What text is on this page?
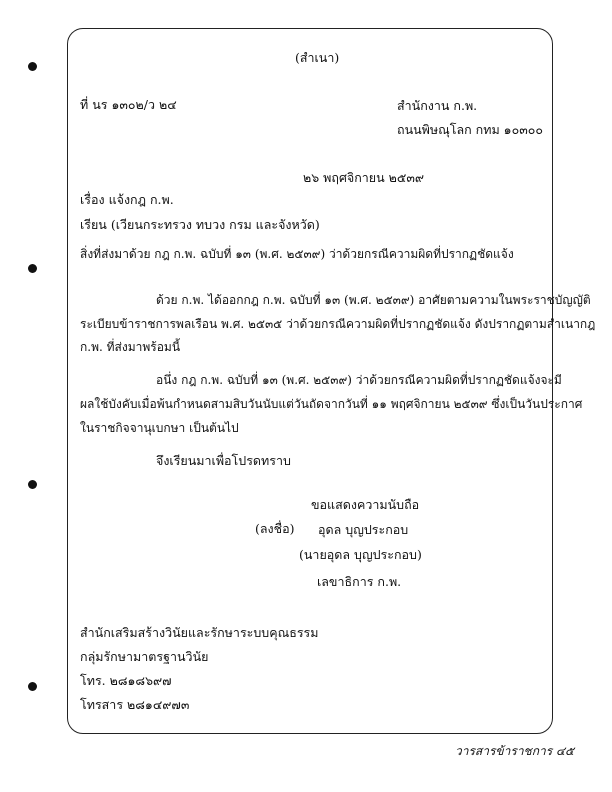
(สำเนา)
ที่ นร ๑๓๐๒/ว ๒๔	สำนักงาน ก.พ.
ถนนพิษณุโลก กทม ๑๐๓๐๐
๒๖ พฤศจิกายน ๒๕๓๙
เรื่อง แจ้งกฎ ก.พ.
เรียน (เวียนกระทรวง ทบวง กรม และจังหวัด)
สิ่งที่ส่งมาด้วย กฎ ก.พ. ฉบับที่ ๑๓ (พ.ศ. ๒๕๓๙) ว่าด้วยกรณีความผิดที่ปรากฏชัดแจ้ง
ด้วย ก.พ. ได้ออกกฎ ก.พ. ฉบับที่ ๑๓ (พ.ศ. ๒๕๓๙) อาศัยตามความในพระราชบัญญัติ
ระเบียบข้าราชการพลเรือน พ.ศ. ๒๕๓๕ ว่าด้วยกรณีความผิดที่ปรากฏชัดแจ้ง ดังปรากฏตามสำเนากฎ
ก.พ. ที่ส่งมาพร้อมนี้
อนึ่ง กฎ ก.พ. ฉบับที่ ๑๓ (พ.ศ. ๒๕๓๙) ว่าด้วยกรณีความผิดที่ปรากฏชัดแจ้งจะมี
ผลใช้บังคับเมื่อพ้นกำหนดสามสิบวันนับแต่วันถัดจากวันที่ ๑๑ พฤศจิกายน ๒๕๓๙ ซึ่งเป็นวันประกาศ
ในราชกิจจานุเบกษา เป็นต้นไป
จึงเรียนมาเพื่อโปรดทราบ
ขอแสดงความนับถือ
(ลงชื่อ) อุดล บุญประกอบ
(นายอุดล บุญประกอบ)
เลขาธิการ ก.พ.
สำนักเสริมสร้างวินัยและรักษาระบบคุณธรรม
กลุ่มรักษามาตรฐานวินัย
โทร. ๒๘๑๘๖๙๗
โทรสาร ๒๘๑๔๙๗๓
วารสารข้าราชการ ๔๕
